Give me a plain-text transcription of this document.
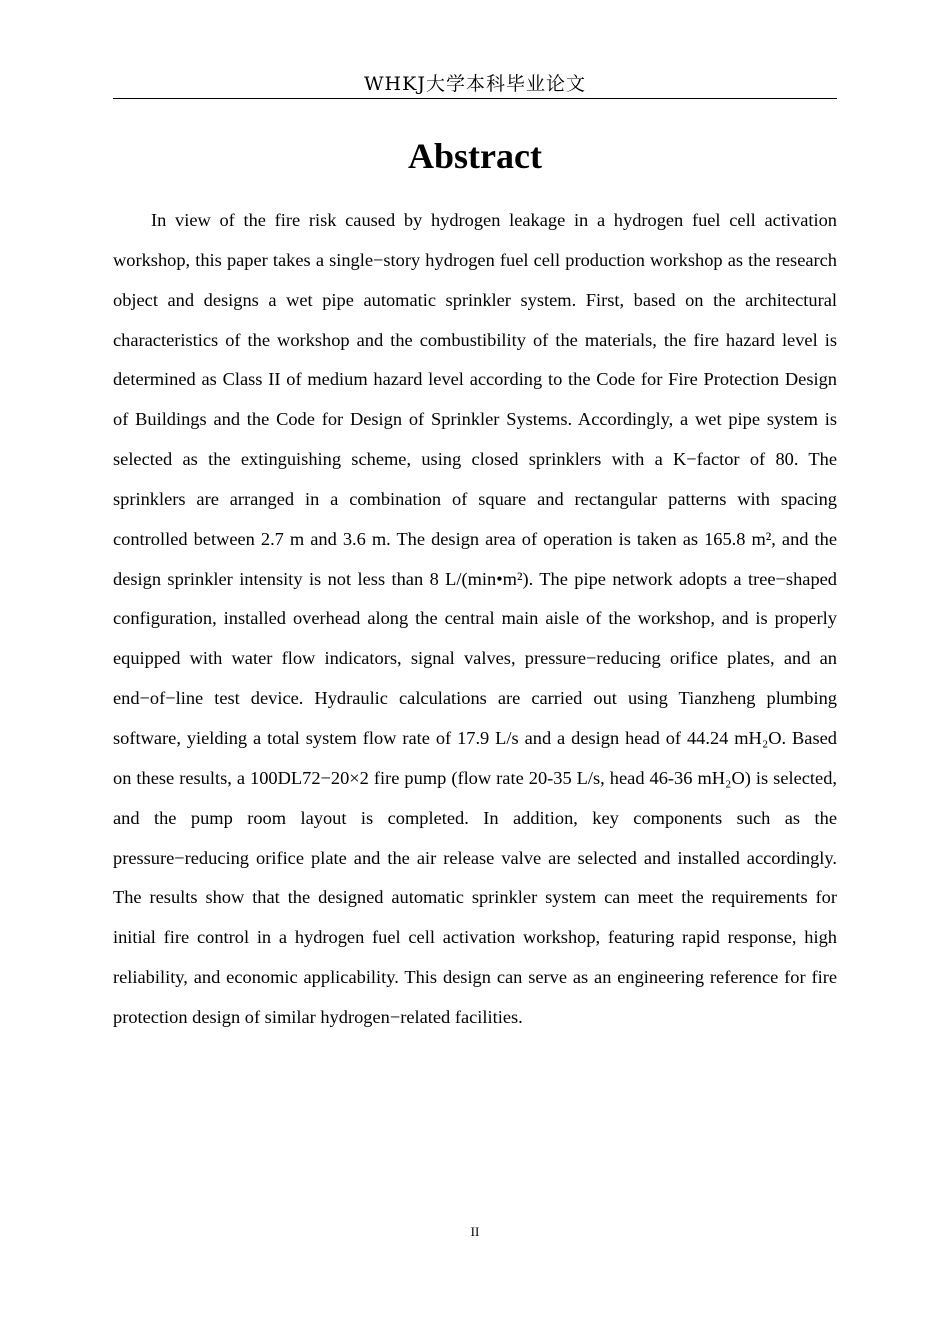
WHKJ大学本科毕业论文
Abstract

In view of the fire risk caused by hydrogen leakage in a hydrogen fuel cell activation workshop, this paper takes a single−story hydrogen fuel cell production workshop as the research object and designs a wet pipe automatic sprinkler system. First, based on the architectural characteristics of the workshop and the combustibility of the materials, the fire hazard level is determined as Class II of medium hazard level according to the Code for Fire Protection Design of Buildings and the Code for Design of Sprinkler Systems. Accordingly, a wet pipe system is selected as the extinguishing scheme, using closed sprinklers with a K−factor of 80. The sprinklers are arranged in a combination of square and rectangular patterns with spacing controlled between 2.7 m and 3.6 m. The design area of operation is taken as 165.8 m², and the design sprinkler intensity is not less than 8 L/(min•m²). The pipe network adopts a tree−shaped configuration, installed overhead along the central main aisle of the workshop, and is properly equipped with water flow indicators, signal valves, pressure−reducing orifice plates, and an end−of−line test device. Hydraulic calculations are carried out using Tianzheng plumbing software, yielding a total system flow rate of 17.9 L/s and a design head of 44.24 mH₂O. Based on these results, a 100DL72−20×2 fire pump (flow rate 20-35 L/s, head 46-36 mH₂O) is selected, and the pump room layout is completed. In addition, key components such as the pressure−reducing orifice plate and the air release valve are selected and installed accordingly. The results show that the designed automatic sprinkler system can meet the requirements for initial fire control in a hydrogen fuel cell activation workshop, featuring rapid response, high reliability, and economic applicability. This design can serve as an engineering reference for fire protection design of similar hydrogen−related facilities.

II
